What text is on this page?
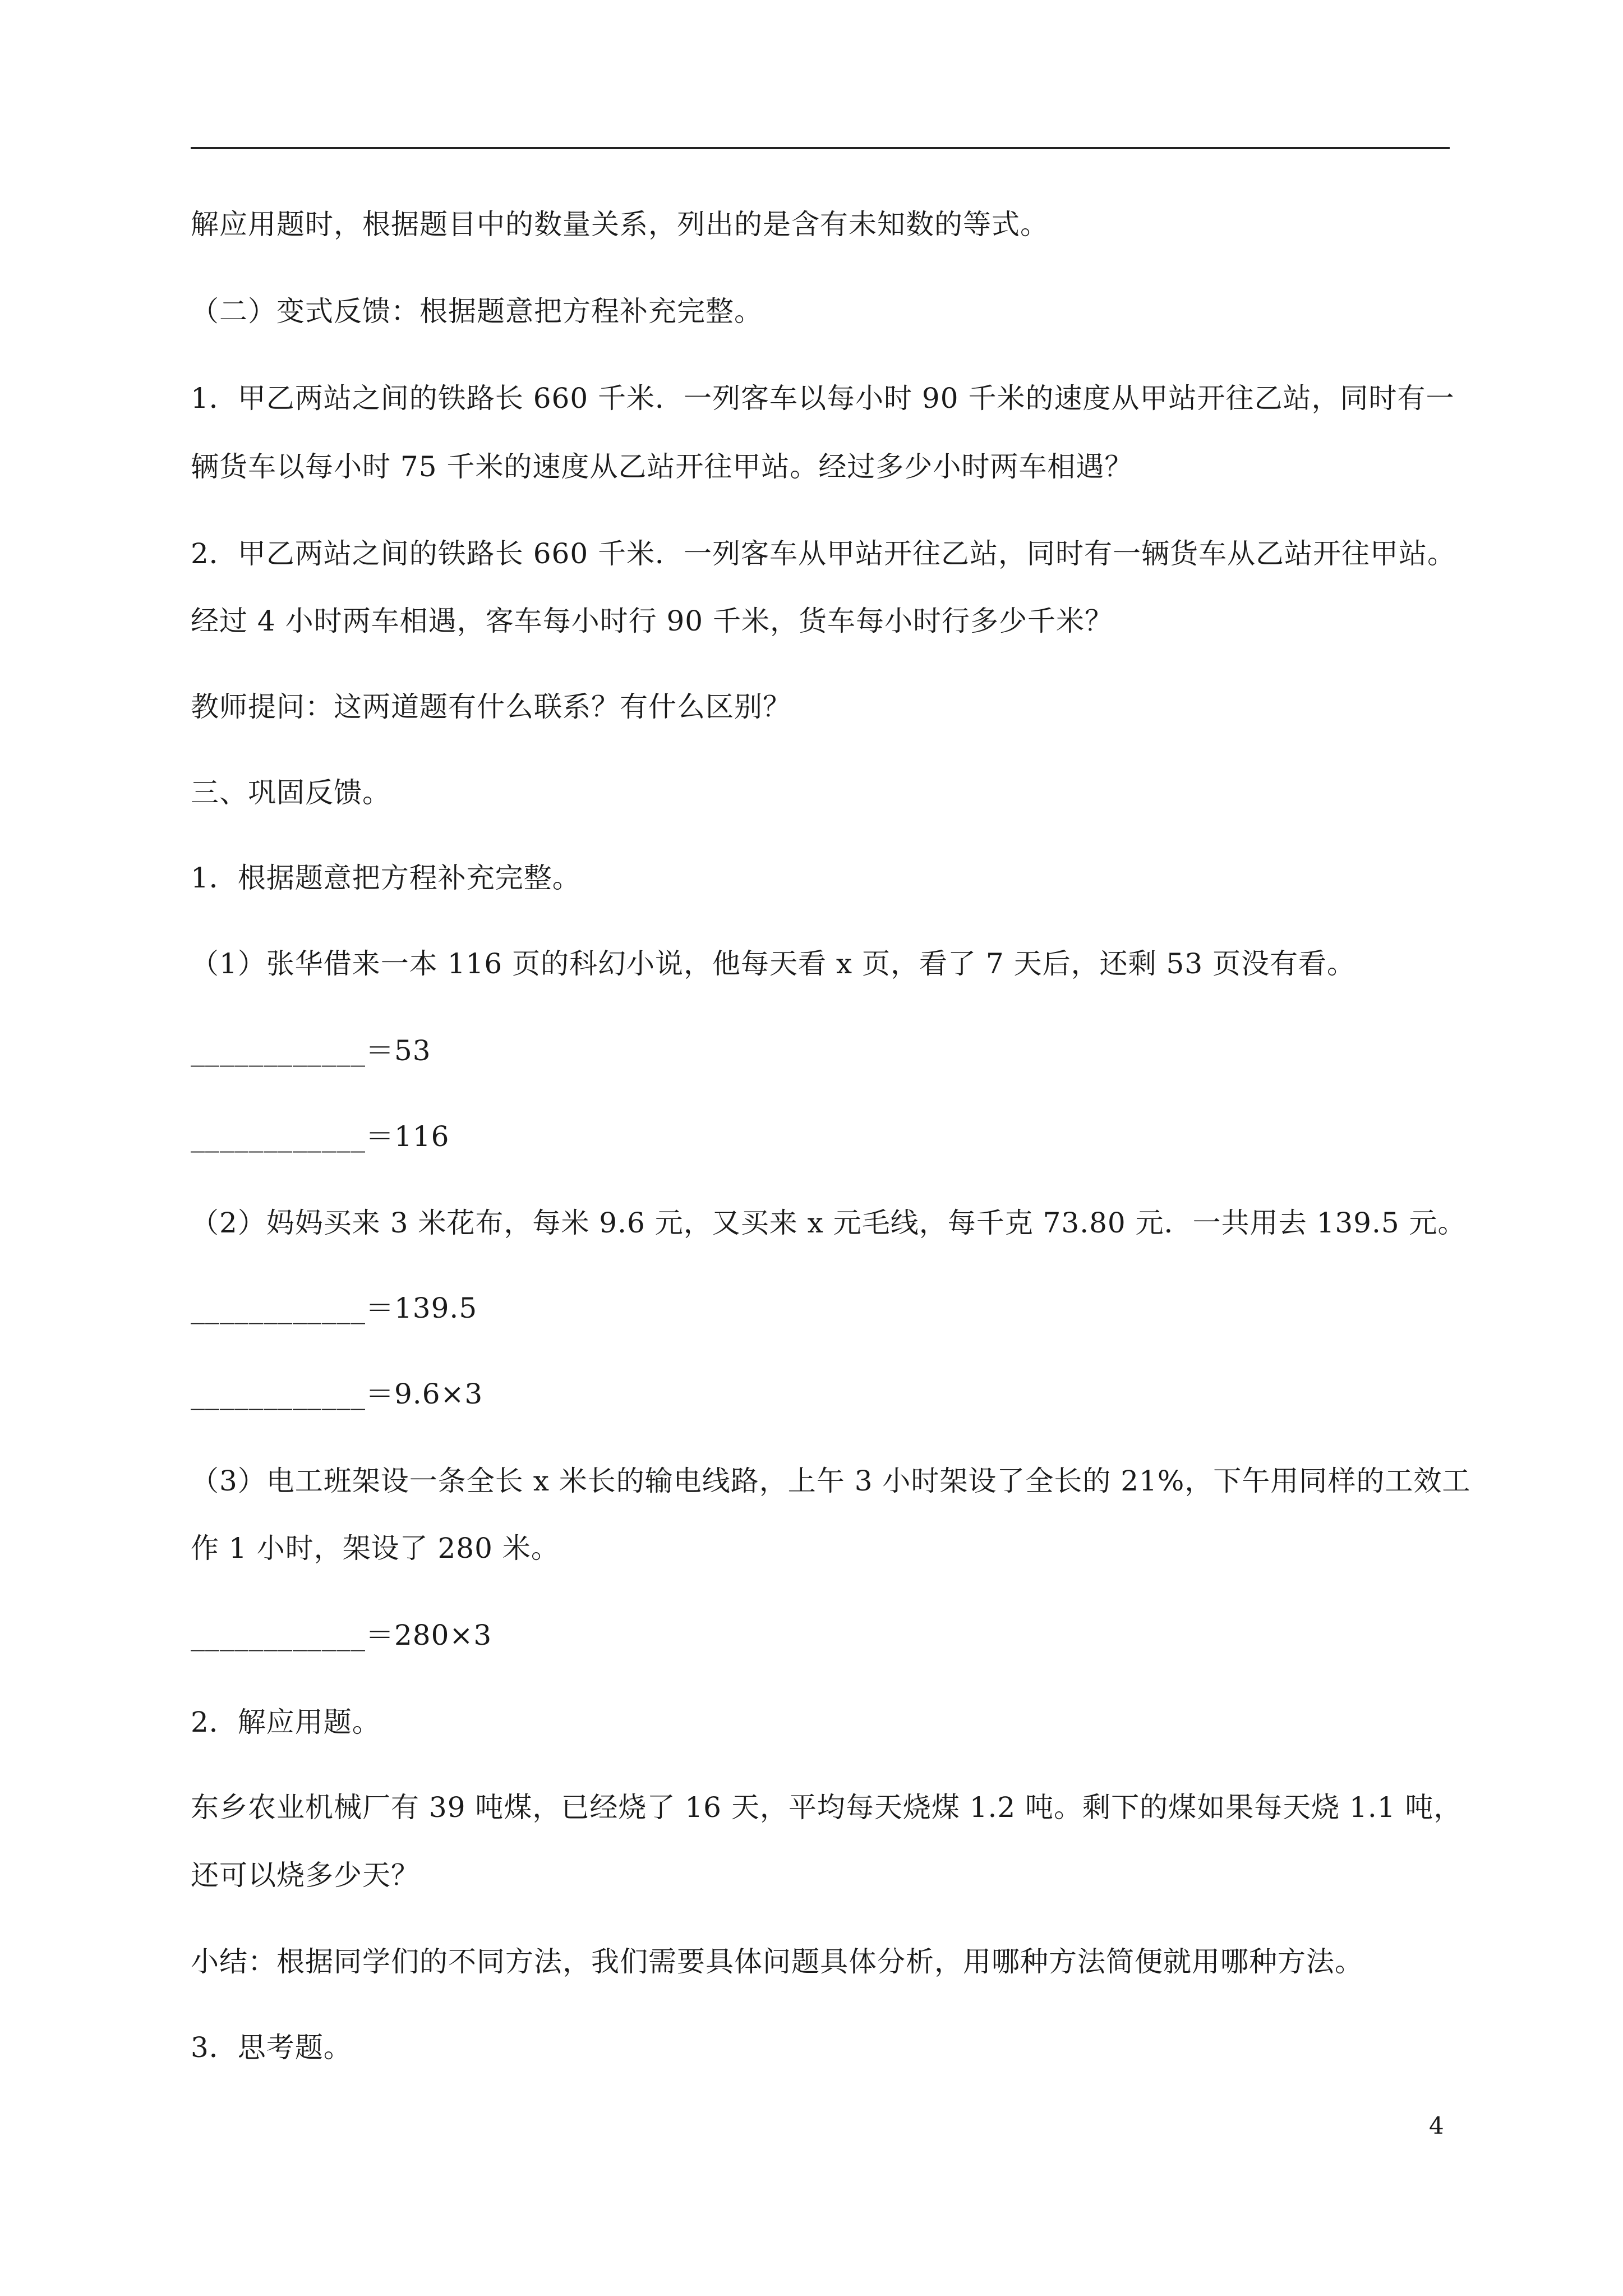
解应用题时，根据题目中的数量关系，列出的是含有未知数的等式。
（二）变式反馈：根据题意把方程补充完整。
1．甲乙两站之间的铁路长 660 千米．一列客车以每小时 90 千米的速度从甲站开往乙站，同时有一
辆货车以每小时 75 千米的速度从乙站开往甲站。经过多少小时两车相遇？
2．甲乙两站之间的铁路长 660 千米．一列客车从甲站开往乙站，同时有一辆货车从乙站开往甲站。
经过 4 小时两车相遇，客车每小时行 90 千米，货车每小时行多少千米？
教师提问：这两道题有什么联系？有什么区别？
三、巩固反馈。
1．根据题意把方程补充完整。
（1）张华借来一本 116 页的科幻小说，他每天看 x 页，看了 7 天后，还剩 53 页没有看。
____________＝53
____________＝116
（2）妈妈买来 3 米花布，每米 9.6 元，又买来 x 元毛线，每千克 73.80 元．一共用去 139.5 元。
____________＝139.5
____________＝9.6×3
（3）电工班架设一条全长 x 米长的输电线路，上午 3 小时架设了全长的 21%，下午用同样的工效工
作 1 小时，架设了 280 米。
____________＝280×3
2．解应用题。
东乡农业机械厂有 39 吨煤，已经烧了 16 天，平均每天烧煤 1.2 吨。剩下的煤如果每天烧 1.1 吨，
还可以烧多少天？
小结：根据同学们的不同方法，我们需要具体问题具体分析，用哪种方法简便就用哪种方法。
3．思考题。
4
